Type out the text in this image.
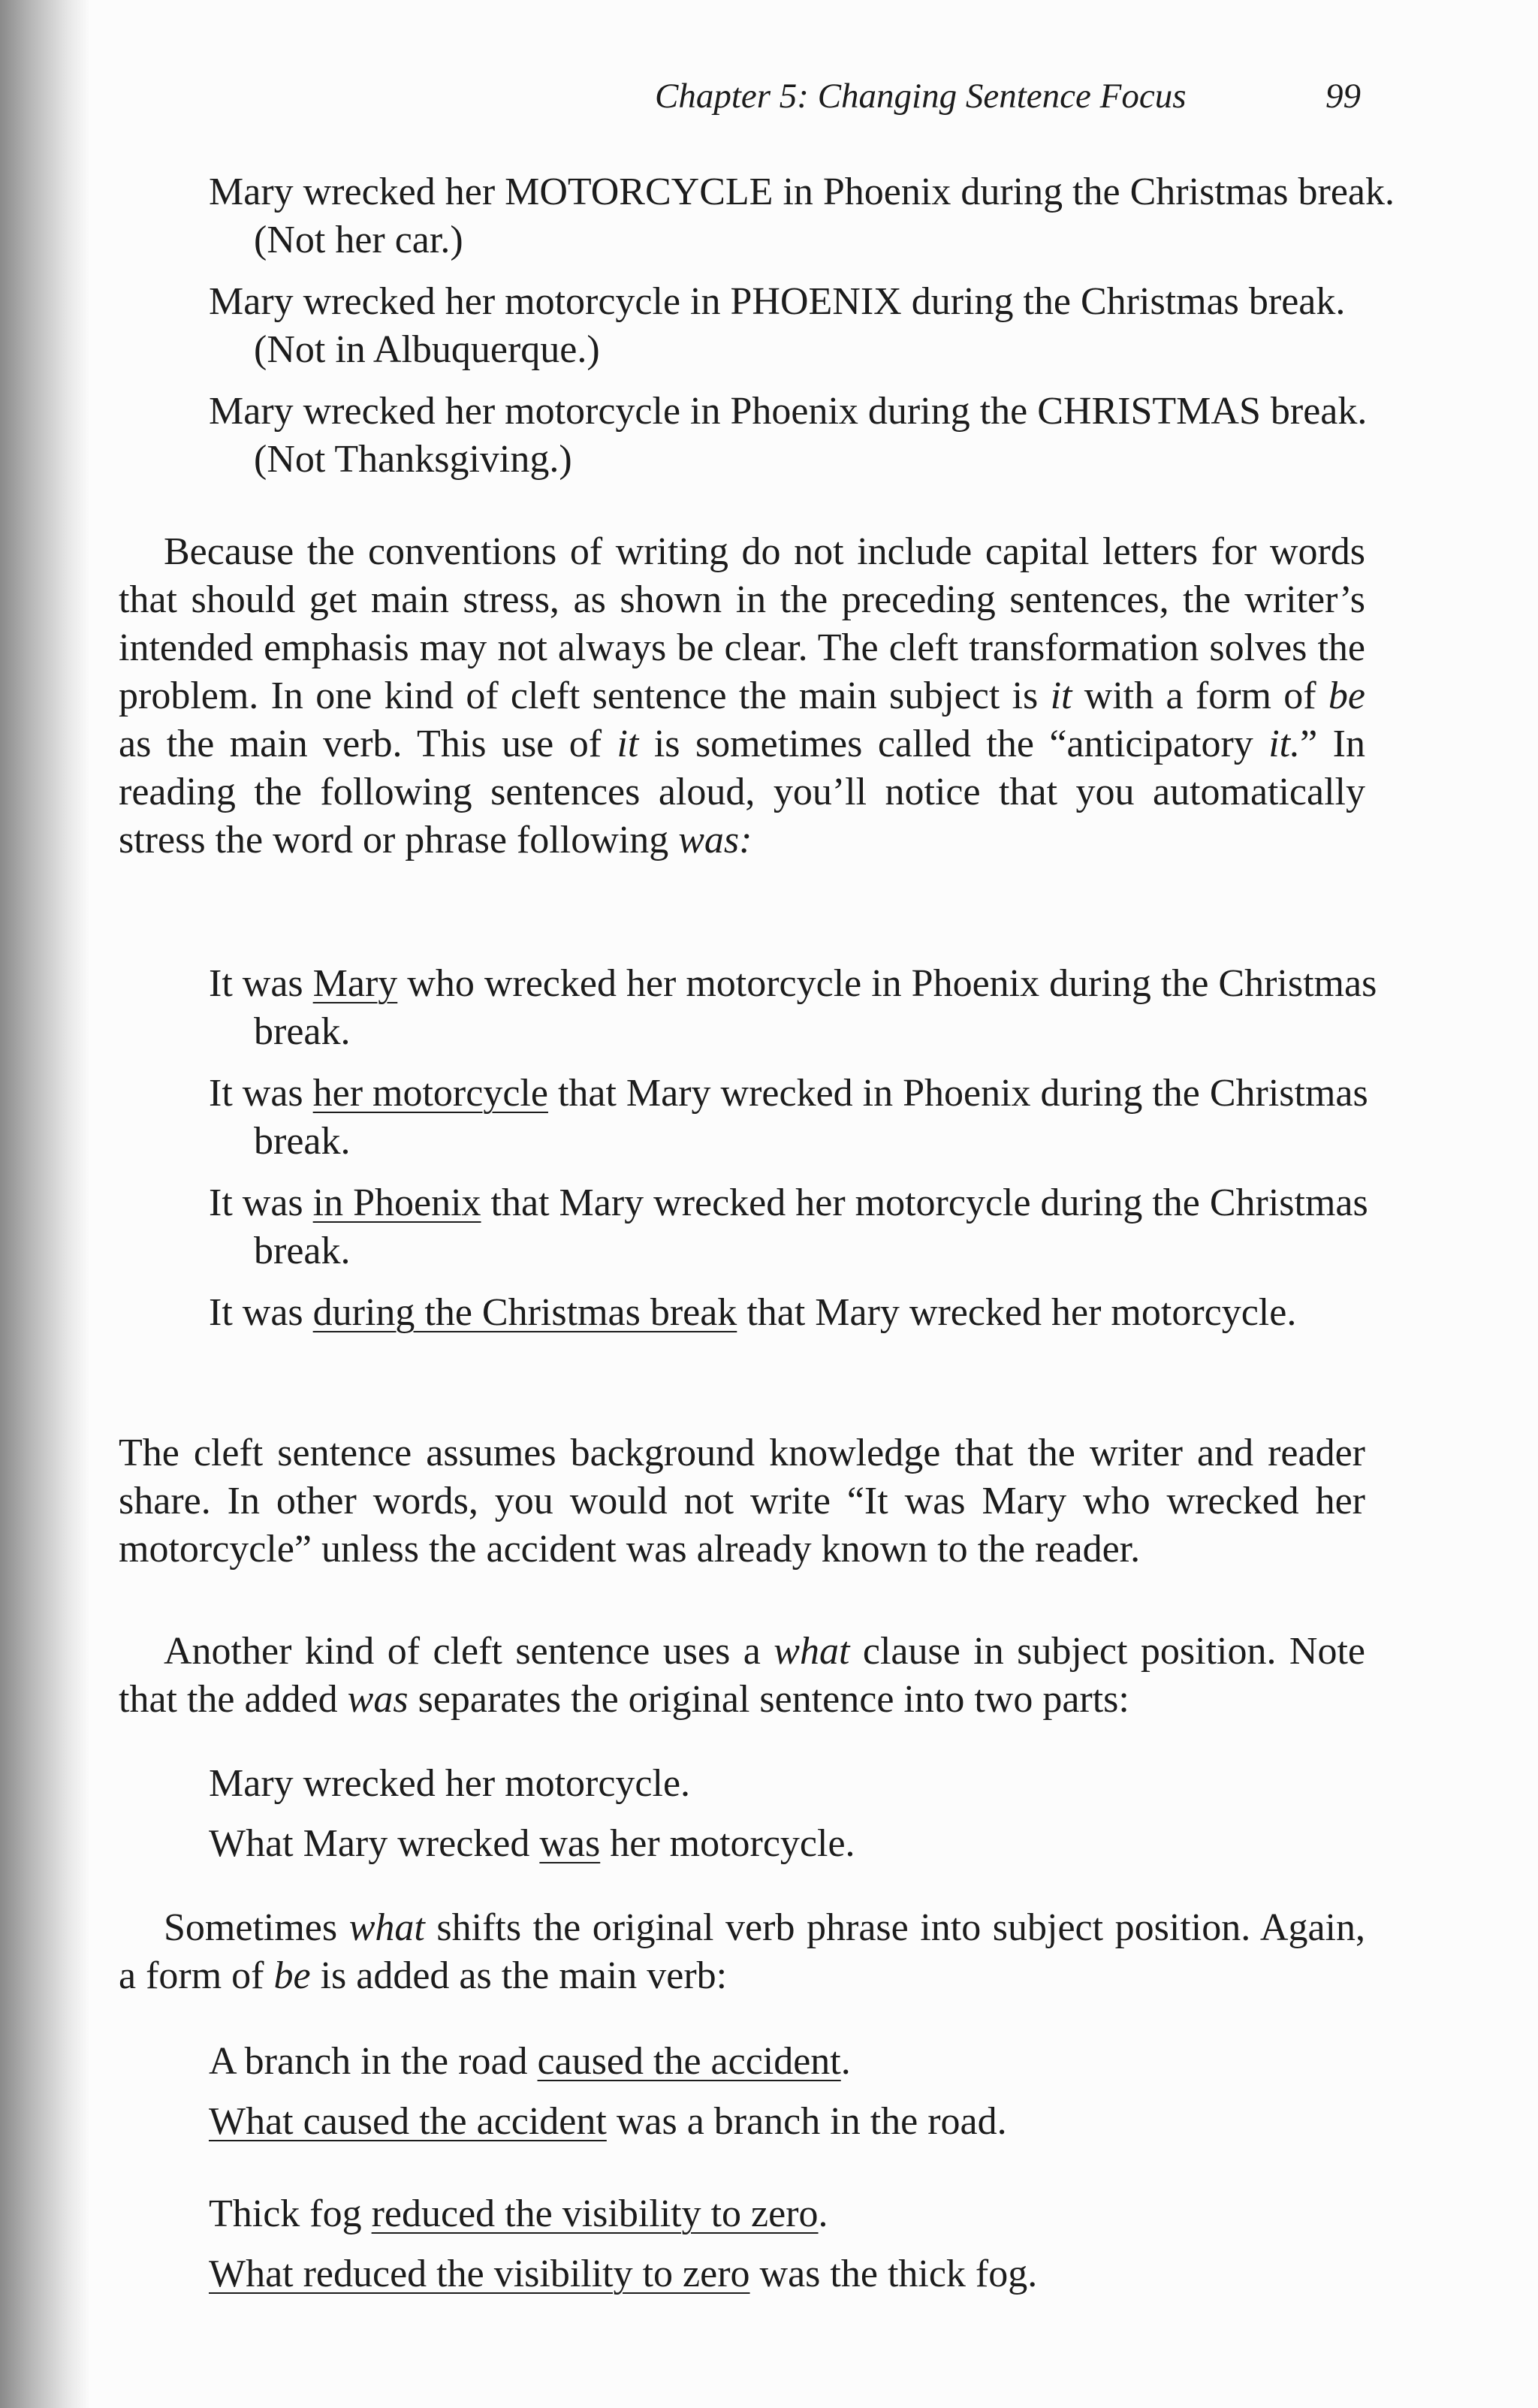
Chapter 5: Changing Sentence Focus	99
Mary wrecked her MOTORCYCLE in Phoenix during the Christmas break. (Not her car.)
Mary wrecked her motorcycle in PHOENIX during the Christmas break. (Not in Albuquerque.)
Mary wrecked her motorcycle in Phoenix during the CHRISTMAS break. (Not Thanksgiving.)

Because the conventions of writing do not include capital letters for words that should get main stress, as shown in the preceding sentences, the writer’s intended emphasis may not always be clear. The cleft transformation solves the problem. In one kind of cleft sentence the main subject is it with a form of be as the main verb. This use of it is sometimes called the “anticipatory it.” In reading the following sentences aloud, you’ll notice that you automatically stress the word or phrase following was:

It was Mary who wrecked her motorcycle in Phoenix during the Christmas break.
It was her motorcycle that Mary wrecked in Phoenix during the Christmas break.
It was in Phoenix that Mary wrecked her motorcycle during the Christmas break.
It was during the Christmas break that Mary wrecked her motorcycle.

The cleft sentence assumes background knowledge that the writer and reader share. In other words, you would not write “It was Mary who wrecked her motorcycle” unless the accident was already known to the reader.

Another kind of cleft sentence uses a what clause in subject position. Note that the added was separates the original sentence into two parts:

Mary wrecked her motorcycle.
What Mary wrecked was her motorcycle.

Sometimes what shifts the original verb phrase into subject position. Again, a form of be is added as the main verb:

A branch in the road caused the accident.
What caused the accident was a branch in the road.
Thick fog reduced the visibility to zero.
What reduced the visibility to zero was the thick fog.
